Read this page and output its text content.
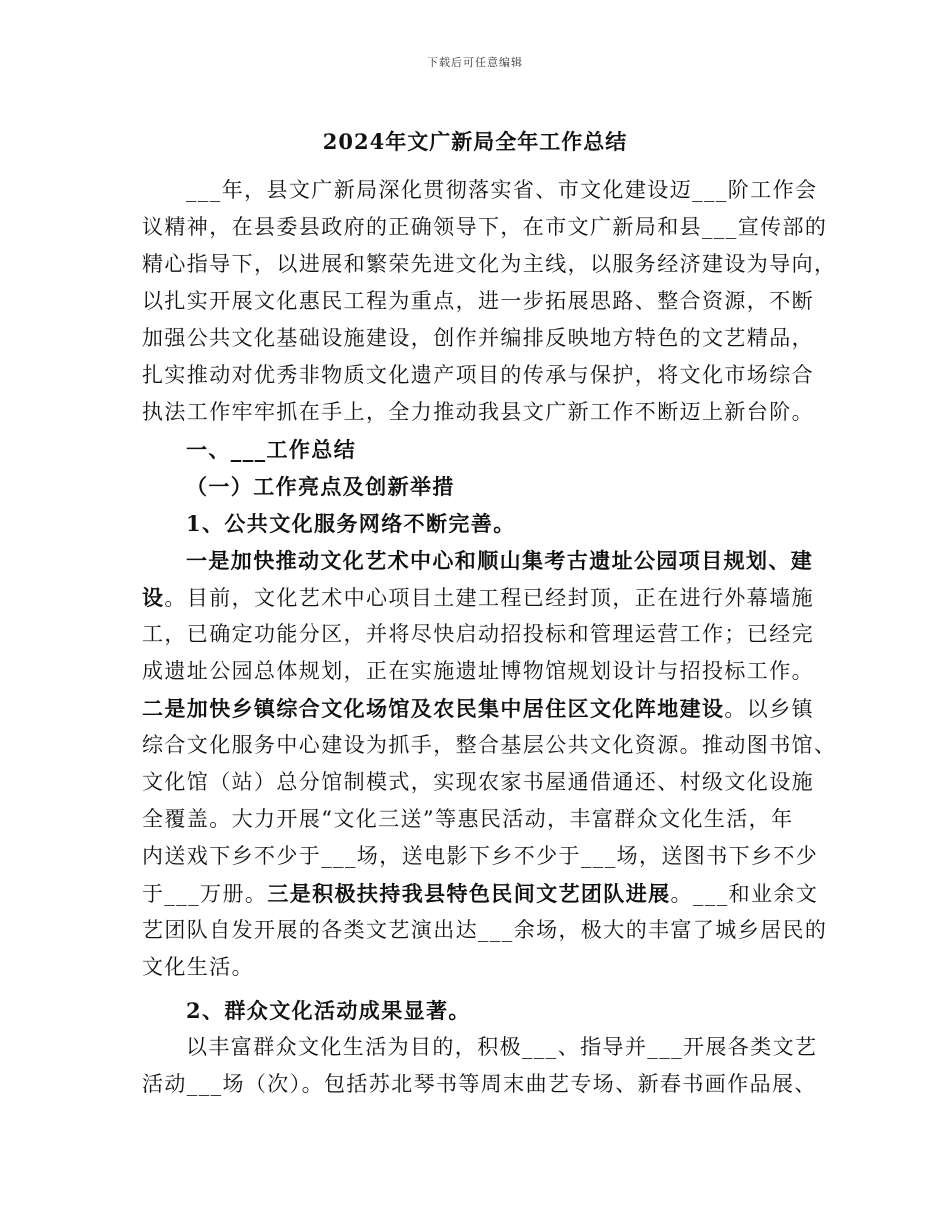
下载后可任意编辑
2024年文广新局全年工作总结
___年，县文广新局深化贯彻落实省、市文化建设迈___阶工作会
议精神，在县委县政府的正确领导下，在市文广新局和县___宣传部的
精心指导下，以进展和繁荣先进文化为主线，以服务经济建设为导向，
以扎实开展文化惠民工程为重点，进一步拓展思路、整合资源，不断
加强公共文化基础设施建设，创作并编排反映地方特色的文艺精品，
扎实推动对优秀非物质文化遗产项目的传承与保护，将文化市场综合
执法工作牢牢抓在手上，全力推动我县文广新工作不断迈上新台阶。
一、___工作总结
（一）工作亮点及创新举措
1、公共文化服务网络不断完善。
一是加快推动文化艺术中心和顺山集考古遗址公园项目规划、建
设。目前，文化艺术中心项目土建工程已经封顶，正在进行外幕墙施
工，已确定功能分区，并将尽快启动招投标和管理运营工作；已经完
成遗址公园总体规划，正在实施遗址博物馆规划设计与招投标工作。
二是加快乡镇综合文化场馆及农民集中居住区文化阵地建设。以乡镇
综合文化服务中心建设为抓手，整合基层公共文化资源。推动图书馆、
文化馆（站）总分馆制模式，实现农家书屋通借通还、村级文化设施
全覆盖。大力开展“文化三送”等惠民活动，丰富群众文化生活，年
内送戏下乡不少于___场，送电影下乡不少于___场，送图书下乡不少
于___万册。三是积极扶持我县特色民间文艺团队进展。___和业余文
艺团队自发开展的各类文艺演出达___余场，极大的丰富了城乡居民的
文化生活。
2、群众文化活动成果显著。
以丰富群众文化生活为目的，积极___、指导并___开展各类文艺
活动___场（次）。包括苏北琴书等周末曲艺专场、新春书画作品展、
